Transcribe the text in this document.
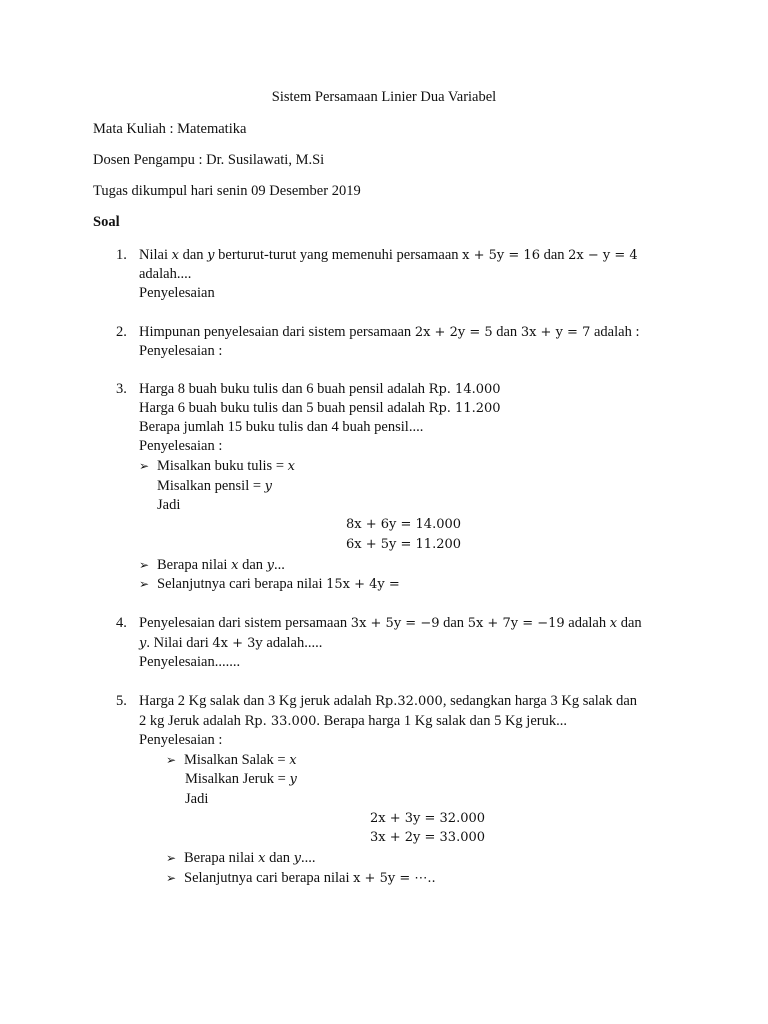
Sistem Persamaan Linier Dua Variabel
Mata Kuliah : Matematika
Dosen Pengampu : Dr. Susilawati, M.Si
Tugas dikumpul hari senin 09 Desember 2019
Soal
1. Nilai x dan y berturut-turut yang memenuhi persamaan x + 5y = 16 dan 2x − y = 4
adalah....
Penyelesaian
2. Himpunan penyelesaian dari sistem persamaan 2x + 2y = 5 dan 3x + y = 7 adalah :
Penyelesaian :
3. Harga 8 buah buku tulis dan 6 buah pensil adalah Rp. 14.000
Harga 6 buah buku tulis dan 5 buah pensil adalah Rp. 11.200
Berapa jumlah 15 buku tulis dan 4 buah pensil....
Penyelesaian :
➢ Misalkan buku tulis = x
Misalkan pensil = y
Jadi
8x + 6y = 14.000
6x + 5y = 11.200
➢ Berapa nilai x dan y...
➢ Selanjutnya cari berapa nilai 15x + 4y =
4. Penyelesaian dari sistem persamaan 3x + 5y = −9 dan 5x + 7y = −19 adalah x dan
y. Nilai dari 4x + 3y adalah.....
Penyelesaian.......
5. Harga 2 Kg salak dan 3 Kg jeruk adalah Rp.32.000, sedangkan harga 3 Kg salak dan
2 kg Jeruk adalah Rp. 33.000. Berapa harga 1 Kg salak dan 5 Kg jeruk...
Penyelesaian :
➢ Misalkan Salak = x
Misalkan Jeruk = y
Jadi
2x + 3y = 32.000
3x + 2y = 33.000
➢ Berapa nilai x dan y....
➢ Selanjutnya cari berapa nilai x + 5y = ⋯..
